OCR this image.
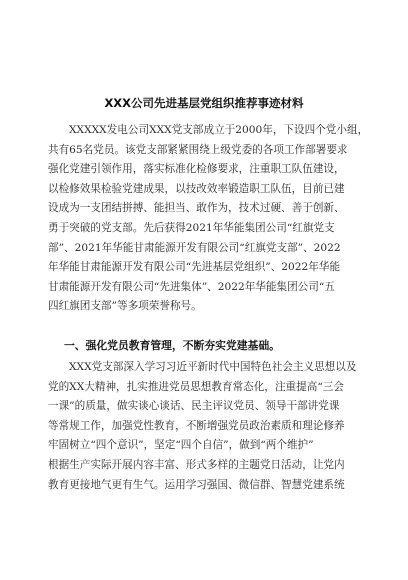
XXX公司先进基层党组织推荐事迹材料
XXXXX发电公司XXX党支部成立于2000年，下设四个党小组，
共有65名党员。该党支部紧紧围绕上级党委的各项工作部署要求
强化党建引领作用，落实标准化检修要求，注重职工队伍建设，
以检修效果检验党建成果，以技改效率锻造职工队伍，目前已建
设成为一支团结拼搏、能担当、敢作为，技术过硬、善于创新、
勇于突破的党支部。先后获得2021年华能集团公司“红旗党支
部”、2021年华能甘肃能源开发有限公司“红旗党支部”、2022
年华能甘肃能源开发有限公司“先进基层党组织”、2022年华能
甘肃能源开发有限公司“先进集体”、2022年华能集团公司“五
四红旗团支部”等多项荣誉称号。
一、强化党员教育管理，不断夯实党建基础。
XXX党支部深入学习习近平新时代中国特色社会主义思想以及
党的XX大精神，扎实推进党员思想教育常态化，注重提高“三会
一课”的质量，做实谈心谈话、民主评议党员、领导干部讲党课
等常规工作，加强党性教育，不断增强党员政治素质和理论修养
牢固树立“四个意识”，坚定“四个自信”，做到“两个维护”
根据生产实际开展内容丰富、形式多样的主题党日活动，让党内
教育更接地气更有生气。运用学习强国、微信群、智慧党建系统
